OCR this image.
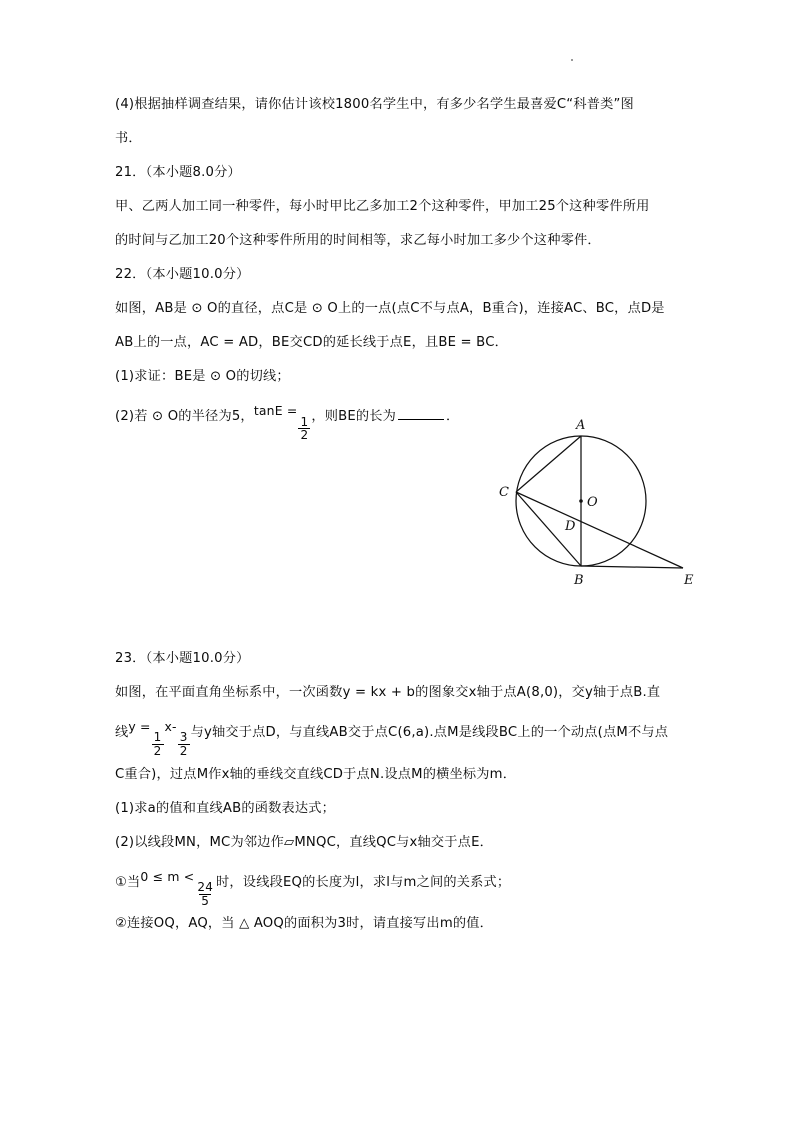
(4)根据抽样调查结果，请你估计该校1800名学生中，有多少名学生最喜爱C“科普类”图
书．
21．（本小题8.0分）
甲、乙两人加工同一种零件，每小时甲比乙多加工2个这种零件，甲加工25个这种零件所用
的时间与乙加工20个这种零件所用的时间相等，求乙每小时加工多少个这种零件．
22．（本小题10.0分）
如图，AB是 ⊙ O的直径，点C是 ⊙ O上的一点(点C不与点A，B重合)，连接AC、BC，点D是
AB上的一点，AC = AD，BE交CD的延长线于点E，且BE = BC．
(1)求证：BE是 ⊙ O的切线；
(2)若 ⊙ O的半径为5，tanE =
$\frac{1}{2}$ ，则BE的长为	．
23．（本小题10.0分）
如图，在平面直角坐标系中，一次函数y = kx + b的图象交x轴于点A(8,0)，交y轴于点B.直
线y =
$\frac{1}{2}$
x-
$\frac{3}{2}$ 与y轴交于点D，与直线AB交于点C(6,a).点M是线段BC上的一个动点(点M不与点
C重合)，过点M作x轴的垂线交直线CD于点N.设点M的横坐标为m．
(1)求a的值和直线AB的函数表达式；
(2)以线段MN，MC为邻边作▱MNQC，直线QC与x轴交于点E．
①当0 ≤ m <
$\frac{24}{5}$ 时，设线段EQ的长度为l，求l与m之间的关系式；
②连接OQ，AQ，当 △ AOQ的面积为3时，请直接写出m的值．
A
B
C
D
E
O
